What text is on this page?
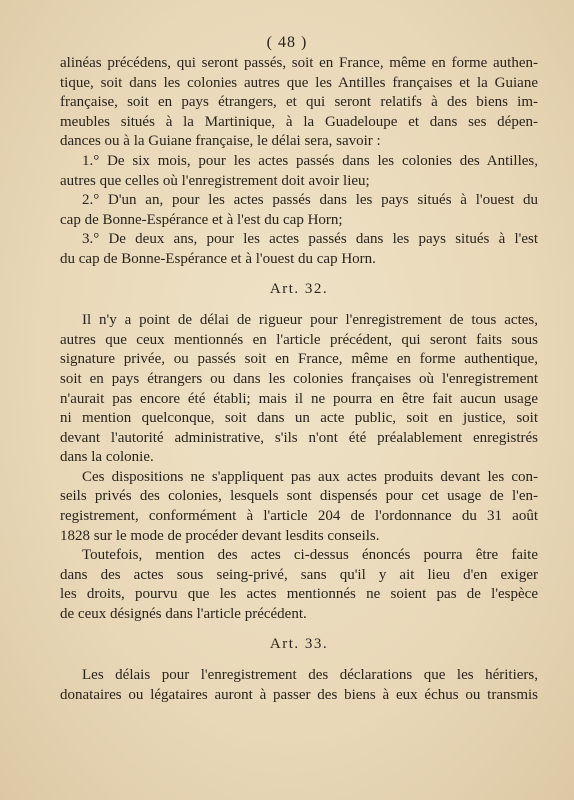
( 48 )
alinéas précédens, qui seront passés, soit en France, même en forme authen-
tique, soit dans les colonies autres que les Antilles françaises et la Guiane
française, soit en pays étrangers, et qui seront relatifs à des biens im-
meubles situés à la Martinique, à la Guadeloupe et dans ses dépen-
dances ou à la Guiane française, le délai sera, savoir :
1.° De six mois, pour les actes passés dans les colonies des Antilles,
autres que celles où l'enregistrement doit avoir lieu;
2.° D'un an, pour les actes passés dans les pays situés à l'ouest du
cap de Bonne-Espérance et à l'est du cap Horn;
3.° De deux ans, pour les actes passés dans les pays situés à l'est
du cap de Bonne-Espérance et à l'ouest du cap Horn.
Art. 32.
Il n'y a point de délai de rigueur pour l'enregistrement de tous actes,
autres que ceux mentionnés en l'article précédent, qui seront faits sous
signature privée, ou passés soit en France, même en forme authentique,
soit en pays étrangers ou dans les colonies françaises où l'enregistrement
n'aurait pas encore été établi; mais il ne pourra en être fait aucun usage
ni mention quelconque, soit dans un acte public, soit en justice, soit
devant l'autorité administrative, s'ils n'ont été préalablement enregistrés
dans la colonie.
Ces dispositions ne s'appliquent pas aux actes produits devant les con-
seils privés des colonies, lesquels sont dispensés pour cet usage de l'en-
registrement, conformément à l'article 204 de l'ordonnance du 31 août
1828 sur le mode de procéder devant lesdits conseils.
Toutefois, mention des actes ci-dessus énoncés pourra être faite
dans des actes sous seing-privé, sans qu'il y ait lieu d'en exiger
les droits, pourvu que les actes mentionnés ne soient pas de l'espèce
de ceux désignés dans l'article précédent.
Art. 33.
Les délais pour l'enregistrement des déclarations que les héritiers,
donataires ou légataires auront à passer des biens à eux échus ou transmis
